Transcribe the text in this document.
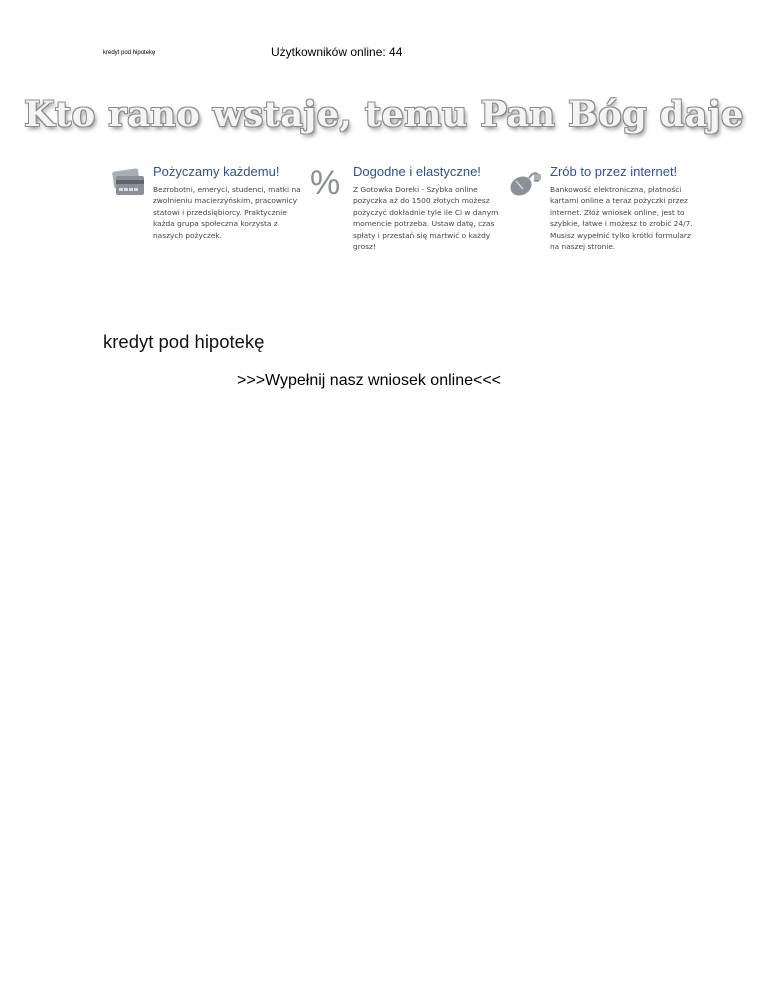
kredyt pod hipotekę	Użytkowników online: 44
Kto rano wstaje, temu Pan Bóg daje
Pożyczamy każdemu!
Bezrobotni, emeryci, studenci, matki na zwolnieniu macierzyńskim, pracownicy statowi i przedsiębiorcy. Praktycznie każda grupa społeczna korzysta z naszych pożyczek.
% Dogodne i elastyczne!
Z Gotowka Doreki - Szybka online pożyczka aż do 1500 złotych możesz pożyczyć dokładnie tyle ile Ci w danym momencie potrzeba. Ustaw datę, czas spłaty i przestań się martwić o każdy grosz!
Zrób to przez internet!
Bankowość elektroniczna, płatności kartami online a teraz pożyczki przez internet. Złóż wniosek online, jest to szybkie, łatwe i możesz to zrobić 24/7. Musisz wypełnić tylko krótki formularz na naszej stronie.
kredyt pod hipotekę
>>>Wypełnij nasz wniosek online<<<
